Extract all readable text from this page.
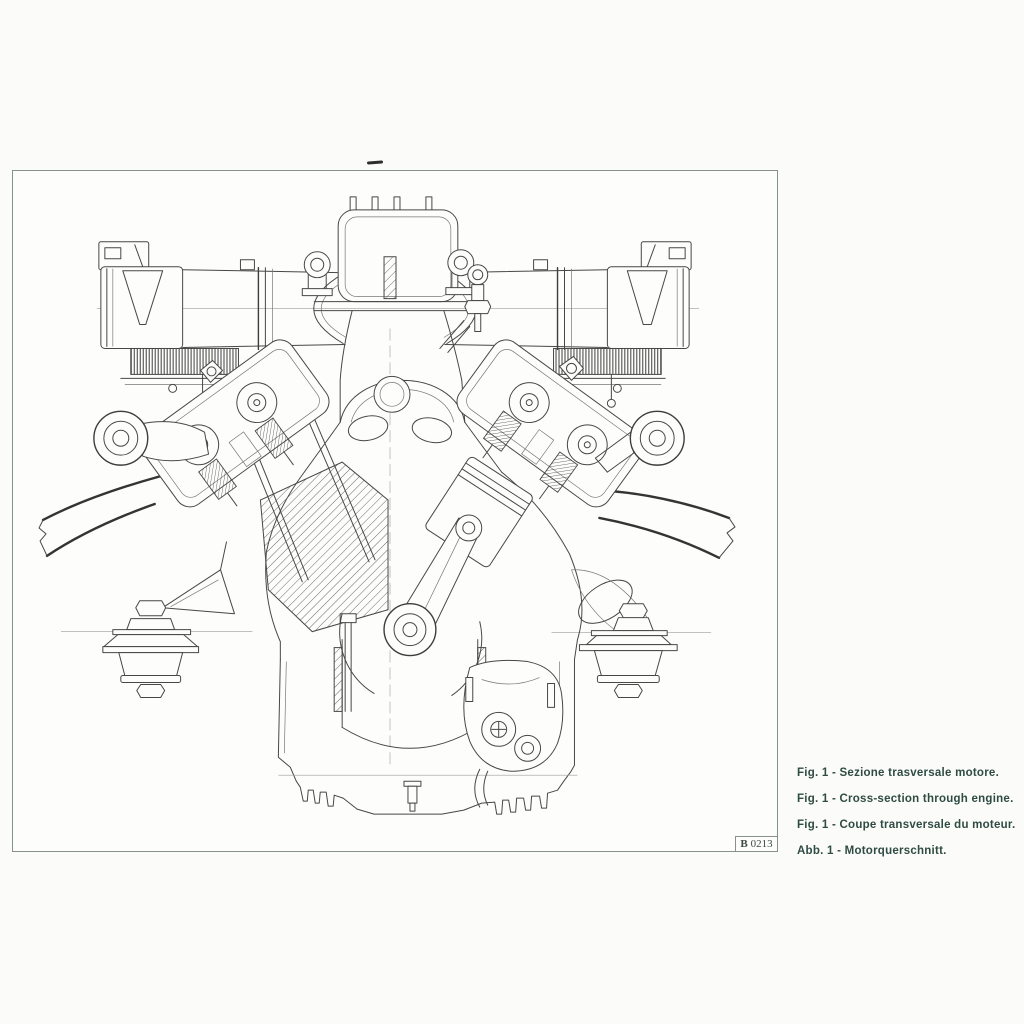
B 0213
Fig. 1 - Sezione trasversale motore.
Fig. 1 - Cross-section through engine.
Fig. 1 - Coupe transversale du moteur.
Abb. 1 - Motorquerschnitt.
